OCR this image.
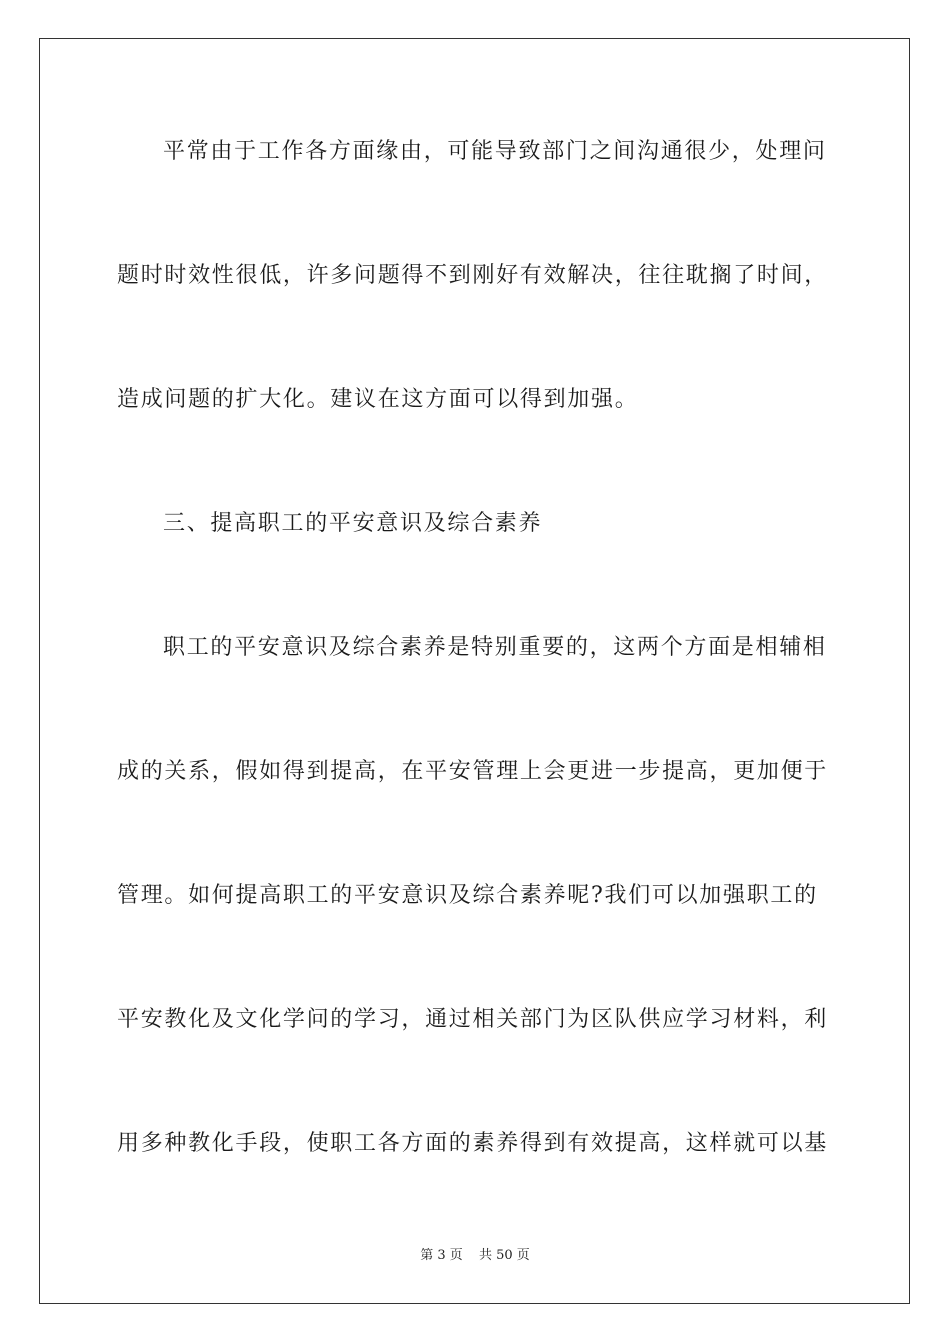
平常由于工作各方面缘由，可能导致部门之间沟通很少，处理问
题时时效性很低，许多问题得不到刚好有效解决，往往耽搁了时间，
造成问题的扩大化。建议在这方面可以得到加强。
三、提高职工的平安意识及综合素养
职工的平安意识及综合素养是特别重要的，这两个方面是相辅相
成的关系，假如得到提高，在平安管理上会更进一步提高，更加便于
管理。如何提高职工的平安意识及综合素养呢?我们可以加强职工的
平安教化及文化学问的学习，通过相关部门为区队供应学习材料，利
用多种教化手段，使职工各方面的素养得到有效提高，这样就可以基
第 3 页 共 50 页
